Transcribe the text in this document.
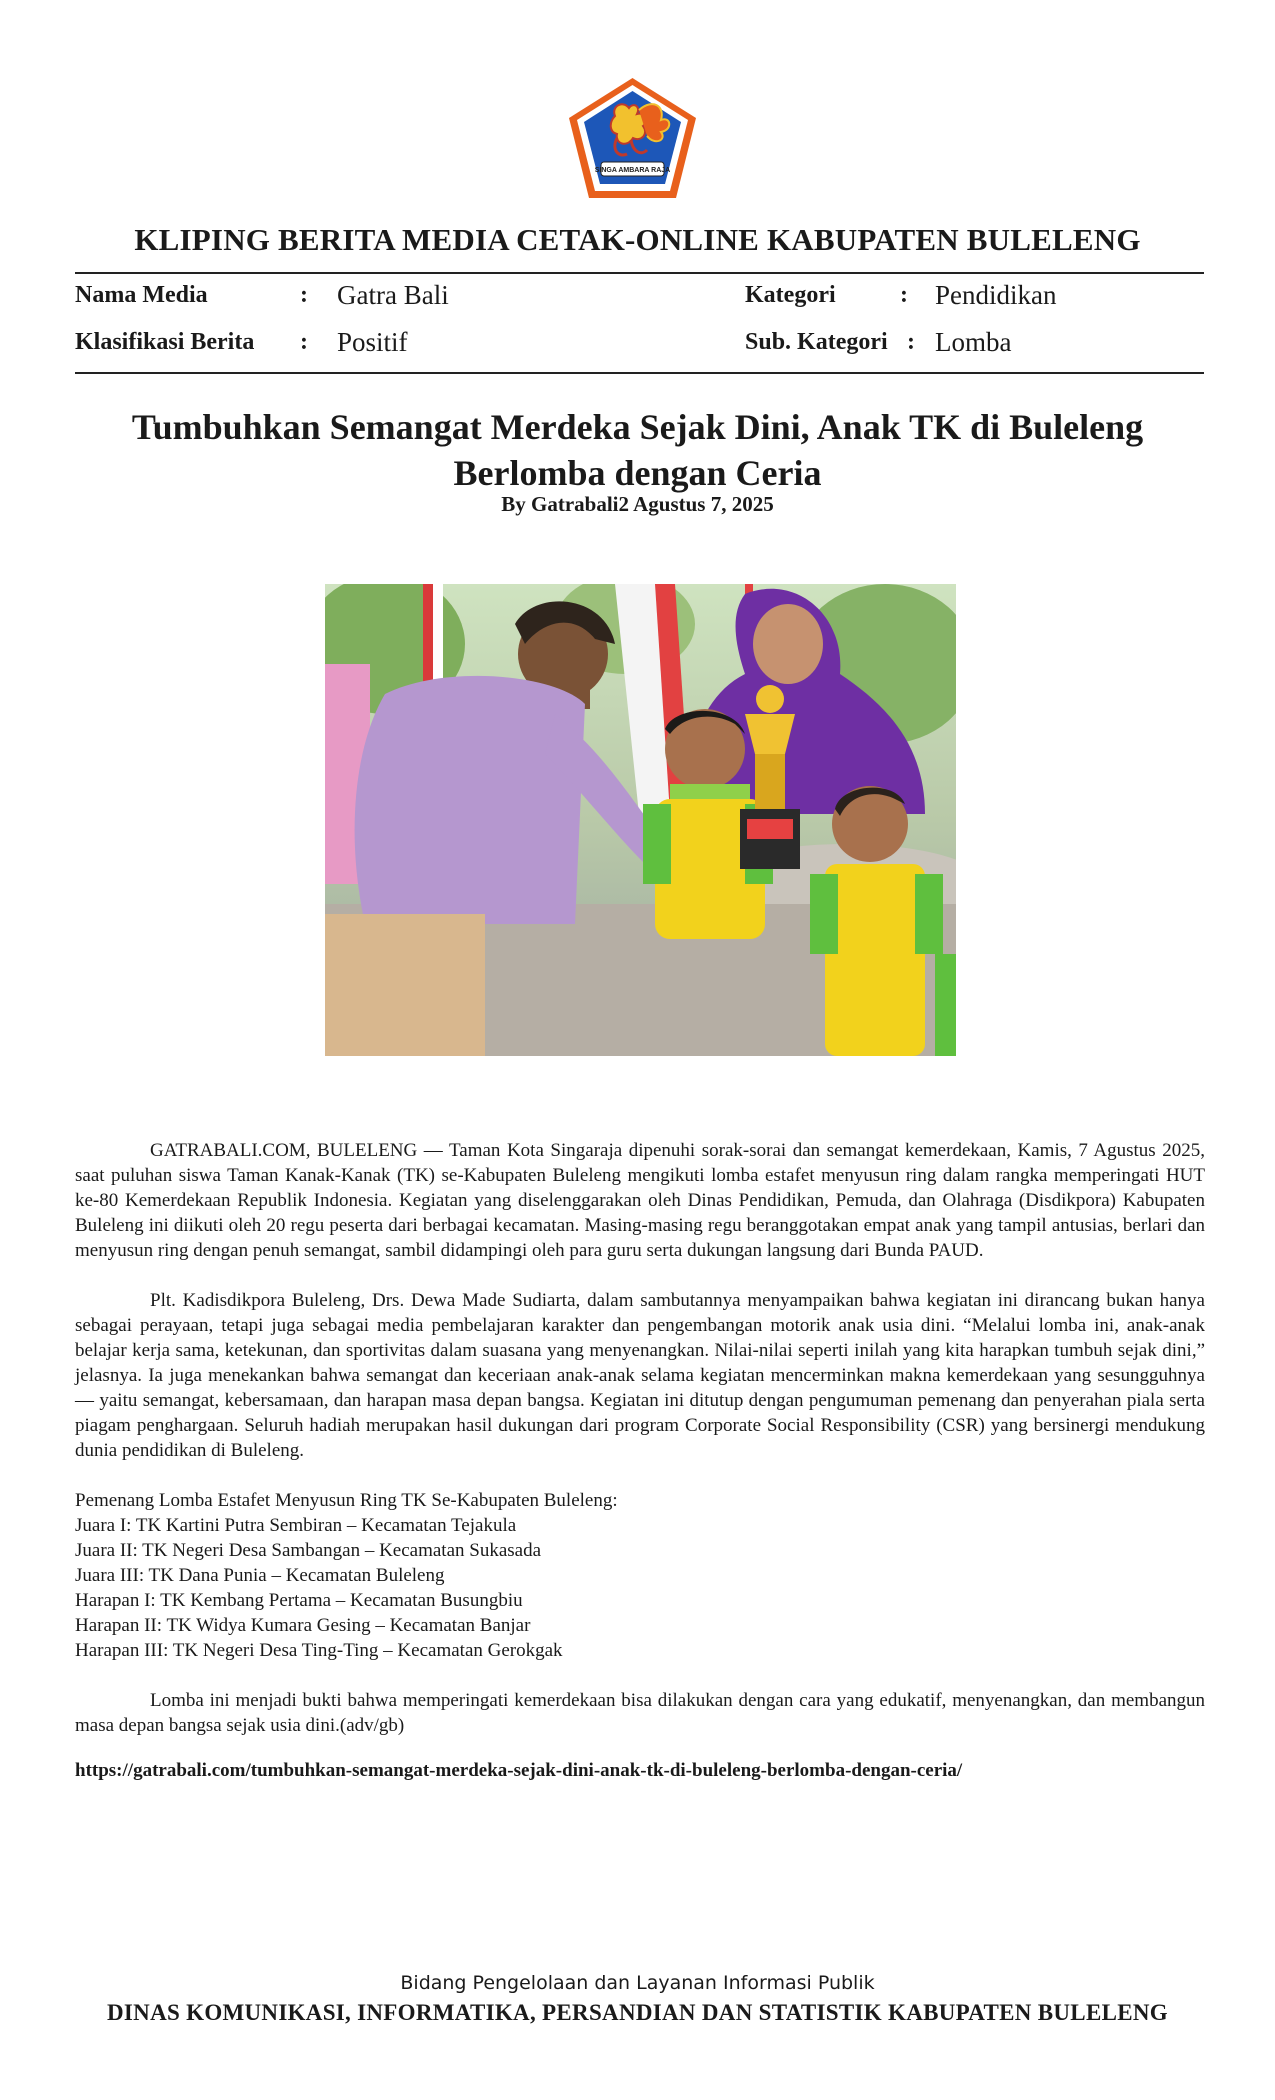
SINGA AMBARA RAJA
KLIPING BERITA MEDIA CETAK-ONLINE KABUPATEN BULELENG
Nama Media	: Gatra Bali	Kategori	: Pendidikan
Klasifikasi Berita : Positif	Sub. Kategori : Lomba
Tumbuhkan Semangat Merdeka Sejak Dini, Anak TK di Buleleng
Berlomba dengan Ceria
By Gatrabali2 Agustus 7, 2025

GATRABALI.COM, BULELENG — Taman Kota Singaraja dipenuhi sorak-sorai dan semangat kemerdekaan, Kamis, 7 Agustus 2025, saat puluhan siswa Taman Kanak-Kanak (TK) se-Kabupaten Buleleng mengikuti lomba estafet menyusun ring dalam rangka memperingati HUT ke-80 Kemerdekaan Republik Indonesia. Kegiatan yang diselenggarakan oleh Dinas Pendidikan, Pemuda, dan Olahraga (Disdikpora) Kabupaten Buleleng ini diikuti oleh 20 regu peserta dari berbagai kecamatan. Masing-masing regu beranggotakan empat anak yang tampil antusias, berlari dan menyusun ring dengan penuh semangat, sambil didampingi oleh para guru serta dukungan langsung dari Bunda PAUD.

Plt. Kadisdikpora Buleleng, Drs. Dewa Made Sudiarta, dalam sambutannya menyampaikan bahwa kegiatan ini dirancang bukan hanya sebagai perayaan, tetapi juga sebagai media pembelajaran karakter dan pengembangan motorik anak usia dini. “Melalui lomba ini, anak-anak belajar kerja sama, ketekunan, dan sportivitas dalam suasana yang menyenangkan. Nilai-nilai seperti inilah yang kita harapkan tumbuh sejak dini,” jelasnya. Ia juga menekankan bahwa semangat dan keceriaan anak-anak selama kegiatan mencerminkan makna kemerdekaan yang sesungguhnya — yaitu semangat, kebersamaan, dan harapan masa depan bangsa. Kegiatan ini ditutup dengan pengumuman pemenang dan penyerahan piala serta piagam penghargaan. Seluruh hadiah merupakan hasil dukungan dari program Corporate Social Responsibility (CSR) yang bersinergi mendukung dunia pendidikan di Buleleng.

Pemenang Lomba Estafet Menyusun Ring TK Se-Kabupaten Buleleng:

Juara I: TK Kartini Putra Sembiran – Kecamatan Tejakula
Juara II: TK Negeri Desa Sambangan – Kecamatan Sukasada
Juara III: TK Dana Punia – Kecamatan Buleleng
Harapan I: TK Kembang Pertama – Kecamatan Busungbiu
Harapan II: TK Widya Kumara Gesing – Kecamatan Banjar
Harapan III: TK Negeri Desa Ting-Ting – Kecamatan Gerokgak

Lomba ini menjadi bukti bahwa memperingati kemerdekaan bisa dilakukan dengan cara yang edukatif, menyenangkan, dan membangun masa depan bangsa sejak usia dini.(adv/gb)

https://gatrabali.com/tumbuhkan-semangat-merdeka-sejak-dini-anak-tk-di-buleleng-berlomba-dengan-ceria/

Bidang Pengelolaan dan Layanan Informasi Publik
DINAS KOMUNIKASI, INFORMATIKA, PERSANDIAN DAN STATISTIK KABUPATEN BULELENG
